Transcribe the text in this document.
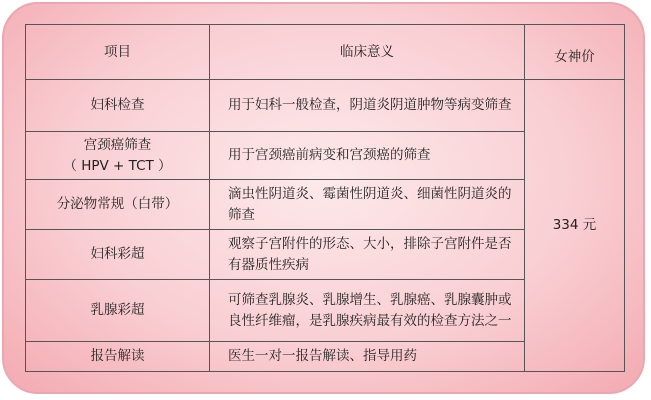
项目	临床意义	女神价
妇科检查	用于妇科一般检查，阴道炎阴道肿物等病变筛查	334 元

宫颈癌筛查
（ HPV + TCT ）	用于宫颈癌前病变和宫颈癌的筛查	
分泌物常规（白带）	滴虫性阴道炎、霉菌性阴道炎、细菌性阴道炎的筛查	
妇科彩超	观察子宫附件的形态、大小，排除子宫附件是否有器质性疾病	
乳腺彩超	可筛查乳腺炎、乳腺增生、乳腺癌、乳腺囊肿或良性纤维瘤，是乳腺疾病最有效的检查方法之一	
报告解读	医生一对一报告解读、指导用药	
